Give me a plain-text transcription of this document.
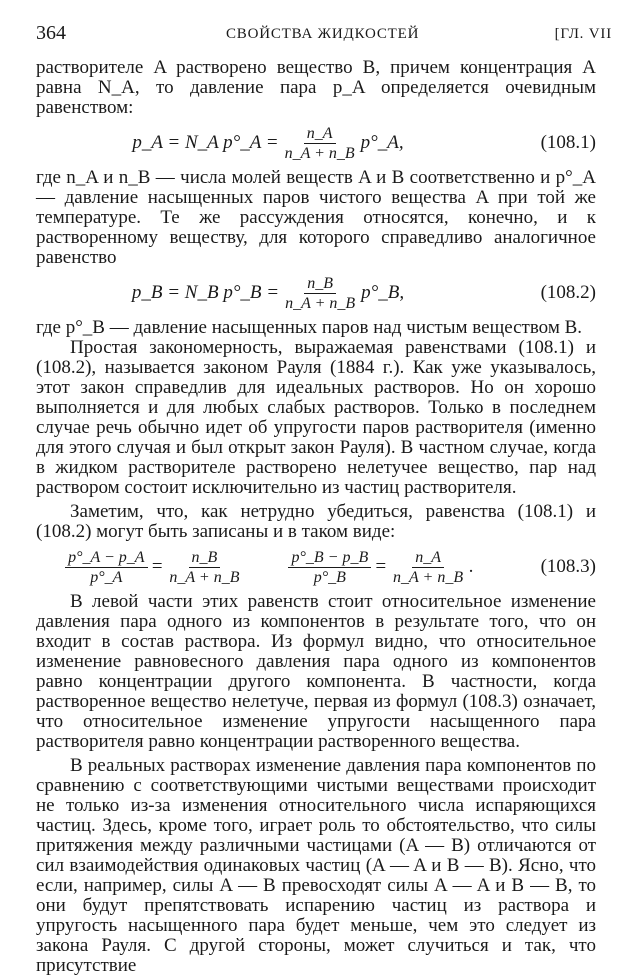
364	СВОЙСТВА ЖИДКОСТЕЙ	[ГЛ. VII

растворителе A растворено вещество B, причем концентрация A равна N_A, то давление пара p_A определяется очевидным равенством:

p_A = N_A p°_A = $\frac{n\_A}{n\_A + n\_B}$ p°_A,	(108.1)

где n_A и n_B — числа молей веществ A и B соответственно и p°_A — давление насыщенных паров чистого вещества A при той же температуре. Те же рассуждения относятся, конечно, и к растворенному веществу, для которого справедливо аналогичное равенство

p_B = N_B p°_B = $\frac{n\_B}{n\_A + n\_B}$ p°_B,	(108.2)

где p°_B — давление насыщенных паров над чистым веществом B.

Простая закономерность, выражаемая равенствами (108.1) и (108.2), называется законом Рауля (1884 г.). Как уже указывалось, этот закон справедлив для идеальных растворов. Но он хорошо выполняется и для любых слабых растворов. Только в последнем случае речь обычно идет об упругости паров растворителя (именно для этого случая и был открыт закон Рауля). В частном случае, когда в жидком растворителе растворено нелетучее вещество, пар над раствором состоит исключительно из частиц растворителя.

Заметим, что, как нетрудно убедиться, равенства (108.1) и (108.2) могут быть записаны и в таком виде:

$\frac{p^\circ\_A - p\_A}{p^\circ\_A} = \frac{n\_B}{n\_A + n\_B}$	$\frac{p^\circ\_B - p\_B}{p^\circ\_B} = \frac{n\_A}{n\_A + n\_B}$ .	(108.3)

В левой части этих равенств стоит относительное изменение давления пара одного из компонентов в результате того, что он входит в состав раствора. Из формул видно, что относительное изменение равновесного давления пара одного из компонентов равно концентрации другого компонента. В частности, когда растворенное вещество нелетуче, первая из формул (108.3) означает, что относительное изменение упругости насыщенного пара растворителя равно концентрации растворенного вещества.

В реальных растворах изменение давления пара компонентов по сравнению с соответствующими чистыми веществами происходит не только из-за изменения относительного числа испаряющихся частиц. Здесь, кроме того, играет роль то обстоятельство, что силы притяжения между различными частицами (A — B) отличаются от сил взаимодействия одинаковых частиц (A — A и B — B). Ясно, что если, например, силы A — B превосходят силы A — A и B — B, то они будут препятствовать испарению частиц из раствора и упругость насыщенного пара будет меньше, чем это следует из закона Рауля. С другой стороны, может случиться и так, что присутствие
